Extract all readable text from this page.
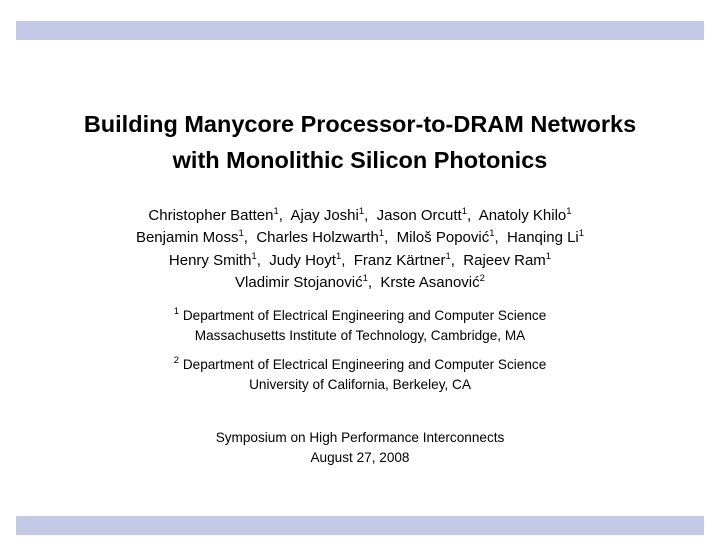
Building Manycore Processor-to-DRAM Networks
with Monolithic Silicon Photonics
Christopher Batten$^1$,  Ajay Joshi$^1$,  Jason Orcutt$^1$,  Anatoly Khilo$^1$
Benjamin Moss$^1$,  Charles Holzwarth$^1$,  Miloš Popović$^1$,  Hanqing Li$^1$
Henry Smith$^1$,  Judy Hoyt$^1$,  Franz Kärtner$^1$,  Rajeev Ram$^1$
Vladimir Stojanović$^1$,  Krste Asanović$^2$
$^1$ Department of Electrical Engineering and Computer Science
Massachusetts Institute of Technology, Cambridge, MA
$^2$ Department of Electrical Engineering and Computer Science
University of California, Berkeley, CA
Symposium on High Performance Interconnects
August 27, 2008
